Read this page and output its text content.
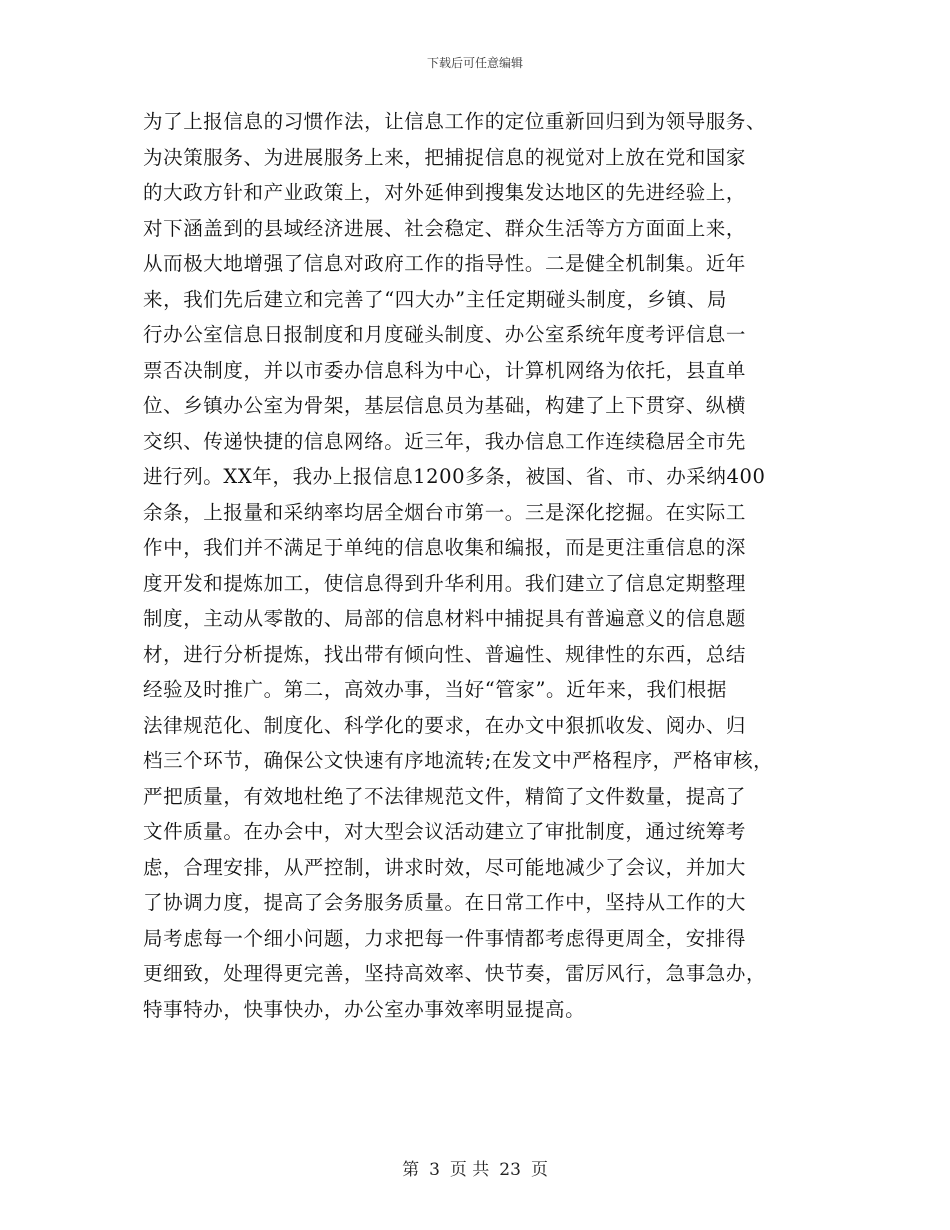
下载后可任意编辑
为了上报信息的习惯作法，让信息工作的定位重新回归到为领导服务、
为决策服务、为进展服务上来，把捕捉信息的视觉对上放在党和国家
的大政方针和产业政策上，对外延伸到搜集发达地区的先进经验上，
对下涵盖到的县域经济进展、社会稳定、群众生活等方方面面上来，
从而极大地增强了信息对政府工作的指导性。二是健全机制集。近年
来，我们先后建立和完善了“四大办”主任定期碰头制度，乡镇、局
行办公室信息日报制度和月度碰头制度、办公室系统年度考评信息一
票否决制度，并以市委办信息科为中心，计算机网络为依托，县直单
位、乡镇办公室为骨架，基层信息员为基础，构建了上下贯穿、纵横
交织、传递快捷的信息网络。近三年，我办信息工作连续稳居全市先
进行列。XX年，我办上报信息1200多条，被国、省、市、办采纳400
余条，上报量和采纳率均居全烟台市第一。三是深化挖掘。在实际工
作中，我们并不满足于单纯的信息收集和编报，而是更注重信息的深
度开发和提炼加工，使信息得到升华利用。我们建立了信息定期整理
制度，主动从零散的、局部的信息材料中捕捉具有普遍意义的信息题
材，进行分析提炼，找出带有倾向性、普遍性、规律性的东西，总结
经验及时推广。第二，高效办事，当好“管家”。近年来，我们根据
法律规范化、制度化、科学化的要求，在办文中狠抓收发、阅办、归
档三个环节，确保公文快速有序地流转;在发文中严格程序，严格审核，
严把质量，有效地杜绝了不法律规范文件，精简了文件数量，提高了
文件质量。在办会中，对大型会议活动建立了审批制度，通过统筹考
虑，合理安排，从严控制，讲求时效，尽可能地减少了会议，并加大
了协调力度，提高了会务服务质量。在日常工作中，坚持从工作的大
局考虑每一个细小问题，力求把每一件事情都考虑得更周全，安排得
更细致，处理得更完善，坚持高效率、快节奏，雷厉风行，急事急办，
特事特办，快事快办，办公室办事效率明显提高。
第 3 页 共 23 页
